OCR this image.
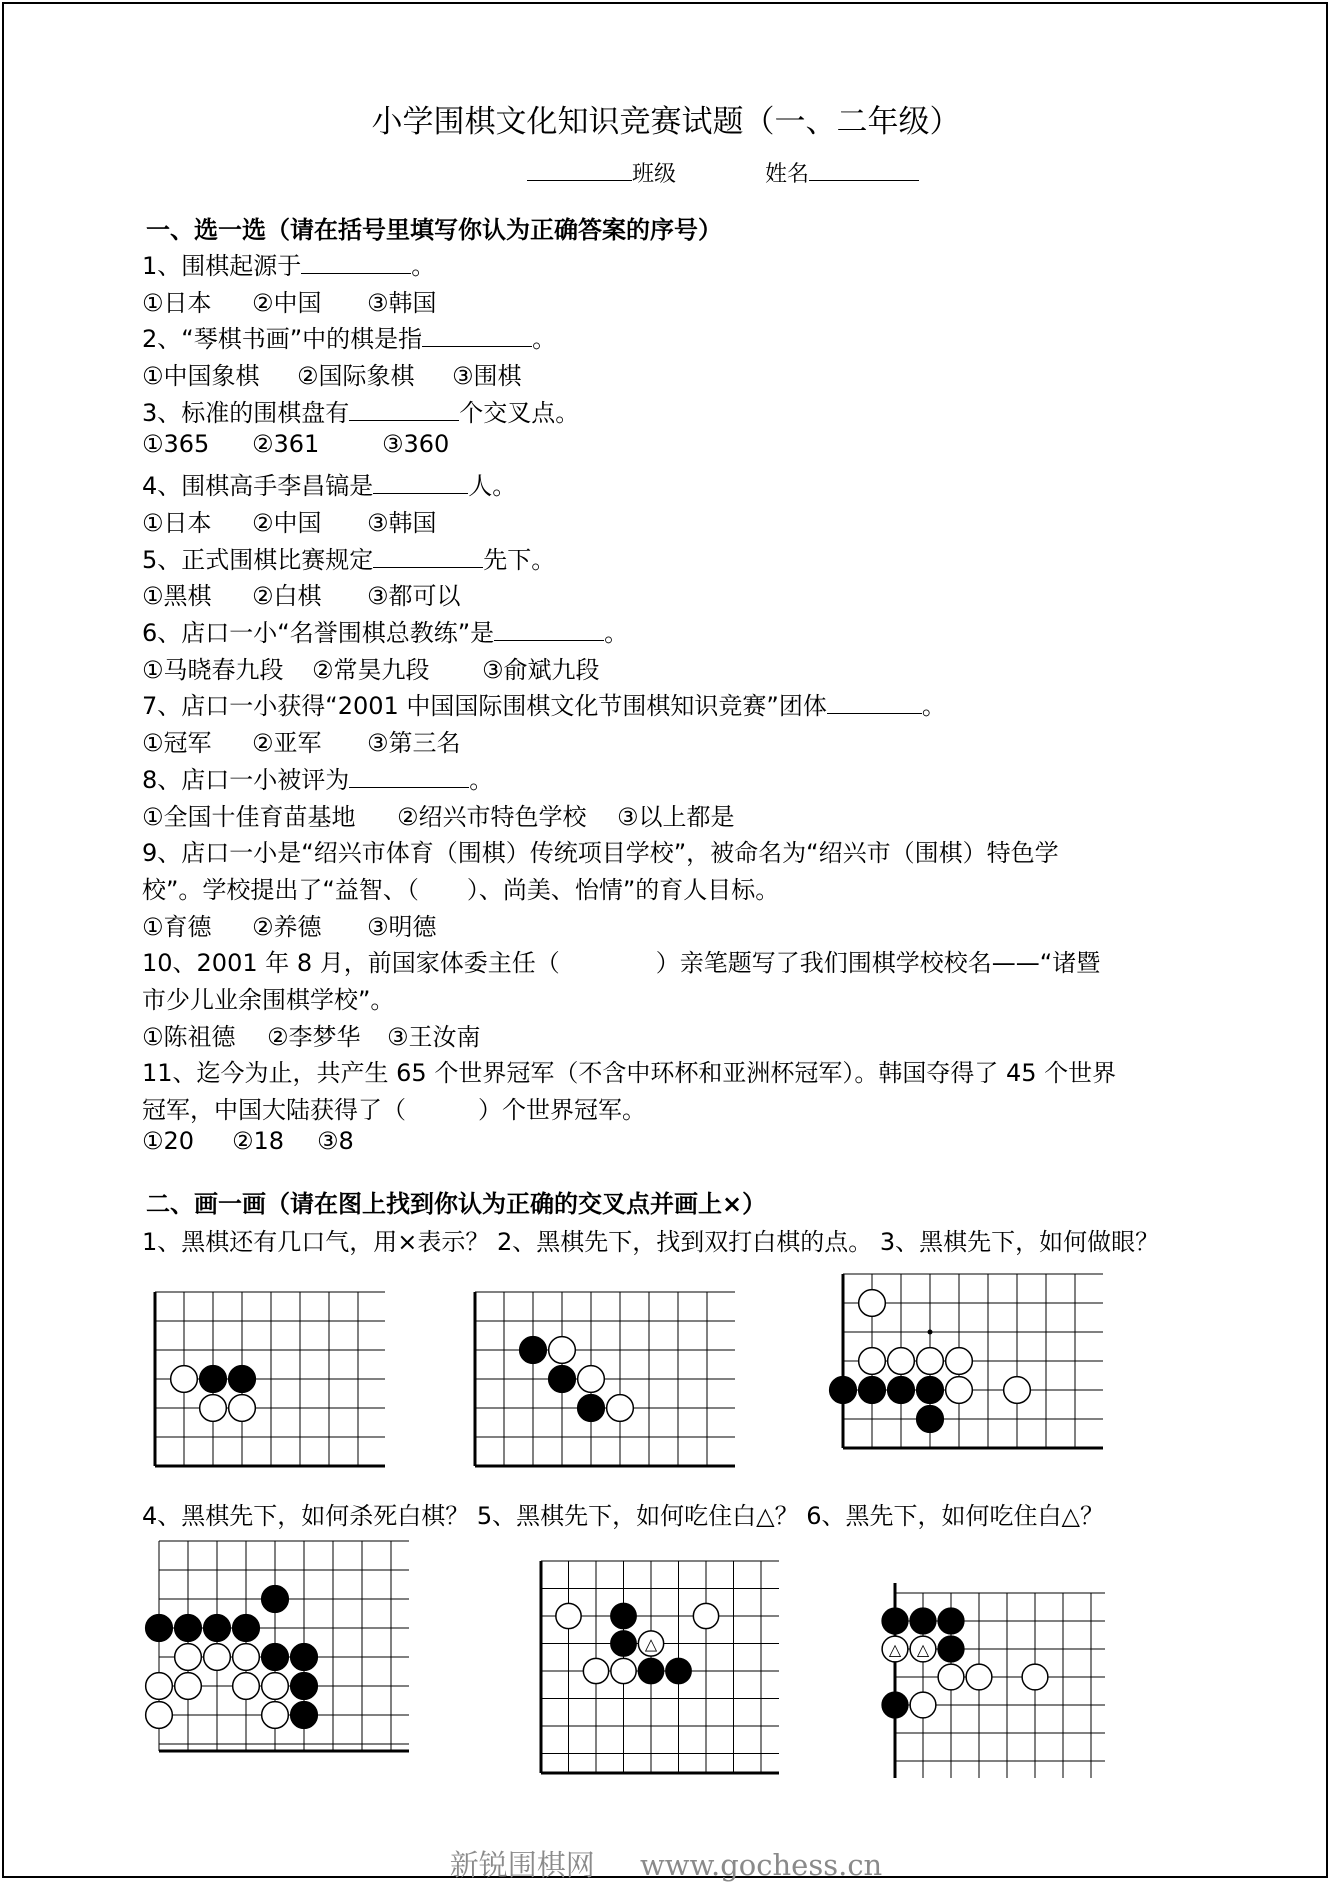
小学围棋文化知识竞赛试题（一、二年级）
班级	姓名
一、选一选（请在括号里填写你认为正确答案的序号）
1、围棋起源于	。
①日本 ②中国 ③韩国
2、“琴棋书画”中的棋是指	。
①中国象棋 ②国际象棋 ③围棋
3、标准的围棋盘有	个交叉点。
①365 ②361	③360
4、围棋高手李昌镐是	人。
①日本 ②中国 ③韩国
5、正式围棋比赛规定	先下。
①黑棋 ②白棋 ③都可以
6、店口一小“名誉围棋总教练”是	。
①马晓春九段 ②常昊九段 ③俞斌九段
7、店口一小获得“2001 中国国际围棋文化节围棋知识竞赛”团体	。
①冠军 ②亚军 ③第三名
8、店口一小被评为	。
①全国十佳育苗基地 ②绍兴市特色学校 ③以上都是
9、店口一小是“绍兴市体育（围棋）传统项目学校”，被命名为“绍兴市（围棋）特色学
校”。学校提出了“益智、（　　）、尚美、怡情”的育人目标。
①育德 ②养德 ③明德
10、2001 年 8 月，前国家体委主任（　　　　）亲笔题写了我们围棋学校校名——“诸暨
市少儿业余围棋学校”。
①陈祖德 ②李梦华 ③王汝南
11、迄今为止，共产生 65 个世界冠军（不含中环杯和亚洲杯冠军）。韩国夺得了 45 个世界
冠军，中国大陆获得了（　　　）个世界冠军。
①20 ②18 ③8
二、画一画（请在图上找到你认为正确的交叉点并画上×）
1、黑棋还有几口气，用×表示？ 2、黑棋先下，找到双打白棋的点。 3、黑棋先下，如何做眼？
4、黑棋先下，如何杀死白棋？ 5、黑棋先下，如何吃住白△？ 6、黑先下，如何吃住白△？
△	△ △
新锐围棋网 www.gochess.cn
